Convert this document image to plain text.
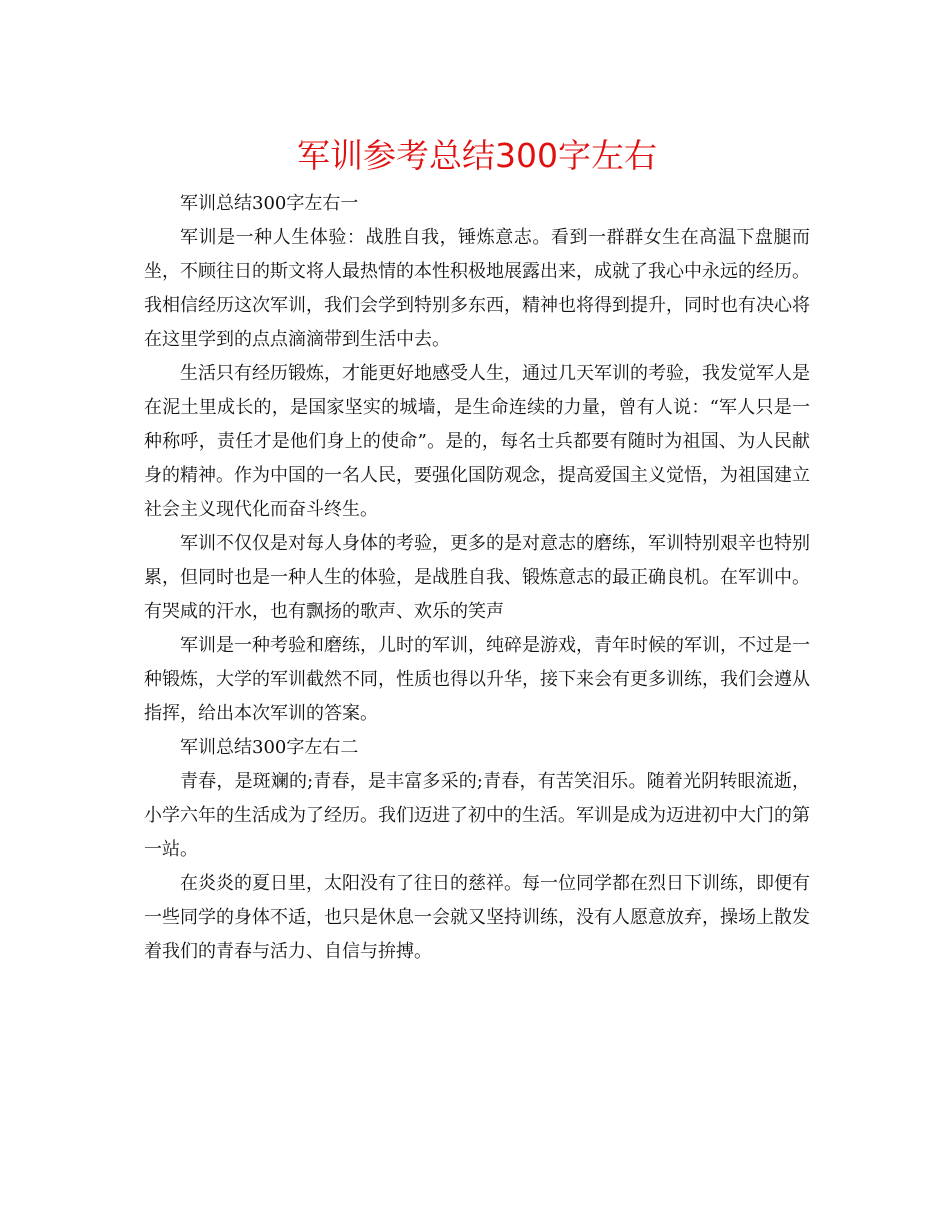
军训参考总结300字左右

军训总结300字左右一

军训是一种人生体验：战胜自我，锤炼意志。看到一群群女生在高温下盘腿而坐，不顾往日的斯文将人最热情的本性积极地展露出来，成就了我心中永远的经历。我相信经历这次军训，我们会学到特别多东西，精神也将得到提升，同时也有决心将在这里学到的点点滴滴带到生活中去。

生活只有经历锻炼，才能更好地感受人生，通过几天军训的考验，我发觉军人是在泥土里成长的，是国家坚实的城墙，是生命连续的力量，曾有人说：“军人只是一种称呼，责任才是他们身上的使命”。是的，每名士兵都要有随时为祖国、为人民献身的精神。作为中国的一名人民，要强化国防观念，提高爱国主义觉悟，为祖国建立社会主义现代化而奋斗终生。

军训不仅仅是对每人身体的考验，更多的是对意志的磨练，军训特别艰辛也特别累，但同时也是一种人生的体验，是战胜自我、锻炼意志的最正确良机。在军训中。有哭咸的汗水，也有飘扬的歌声、欢乐的笑声

军训是一种考验和磨练，儿时的军训，纯碎是游戏，青年时候的军训，不过是一种锻炼，大学的军训截然不同，性质也得以升华，接下来会有更多训练，我们会遵从指挥，给出本次军训的答案。

军训总结300字左右二

青春，是斑斓的;青春，是丰富多采的;青春，有苦笑泪乐。随着光阴转眼流逝，小学六年的生活成为了经历。我们迈进了初中的生活。军训是成为迈进初中大门的第一站。

在炎炎的夏日里，太阳没有了往日的慈祥。每一位同学都在烈日下训练，即便有一些同学的身体不适，也只是休息一会就又坚持训练，没有人愿意放弃，操场上散发着我们的青春与活力、自信与拚搏。
